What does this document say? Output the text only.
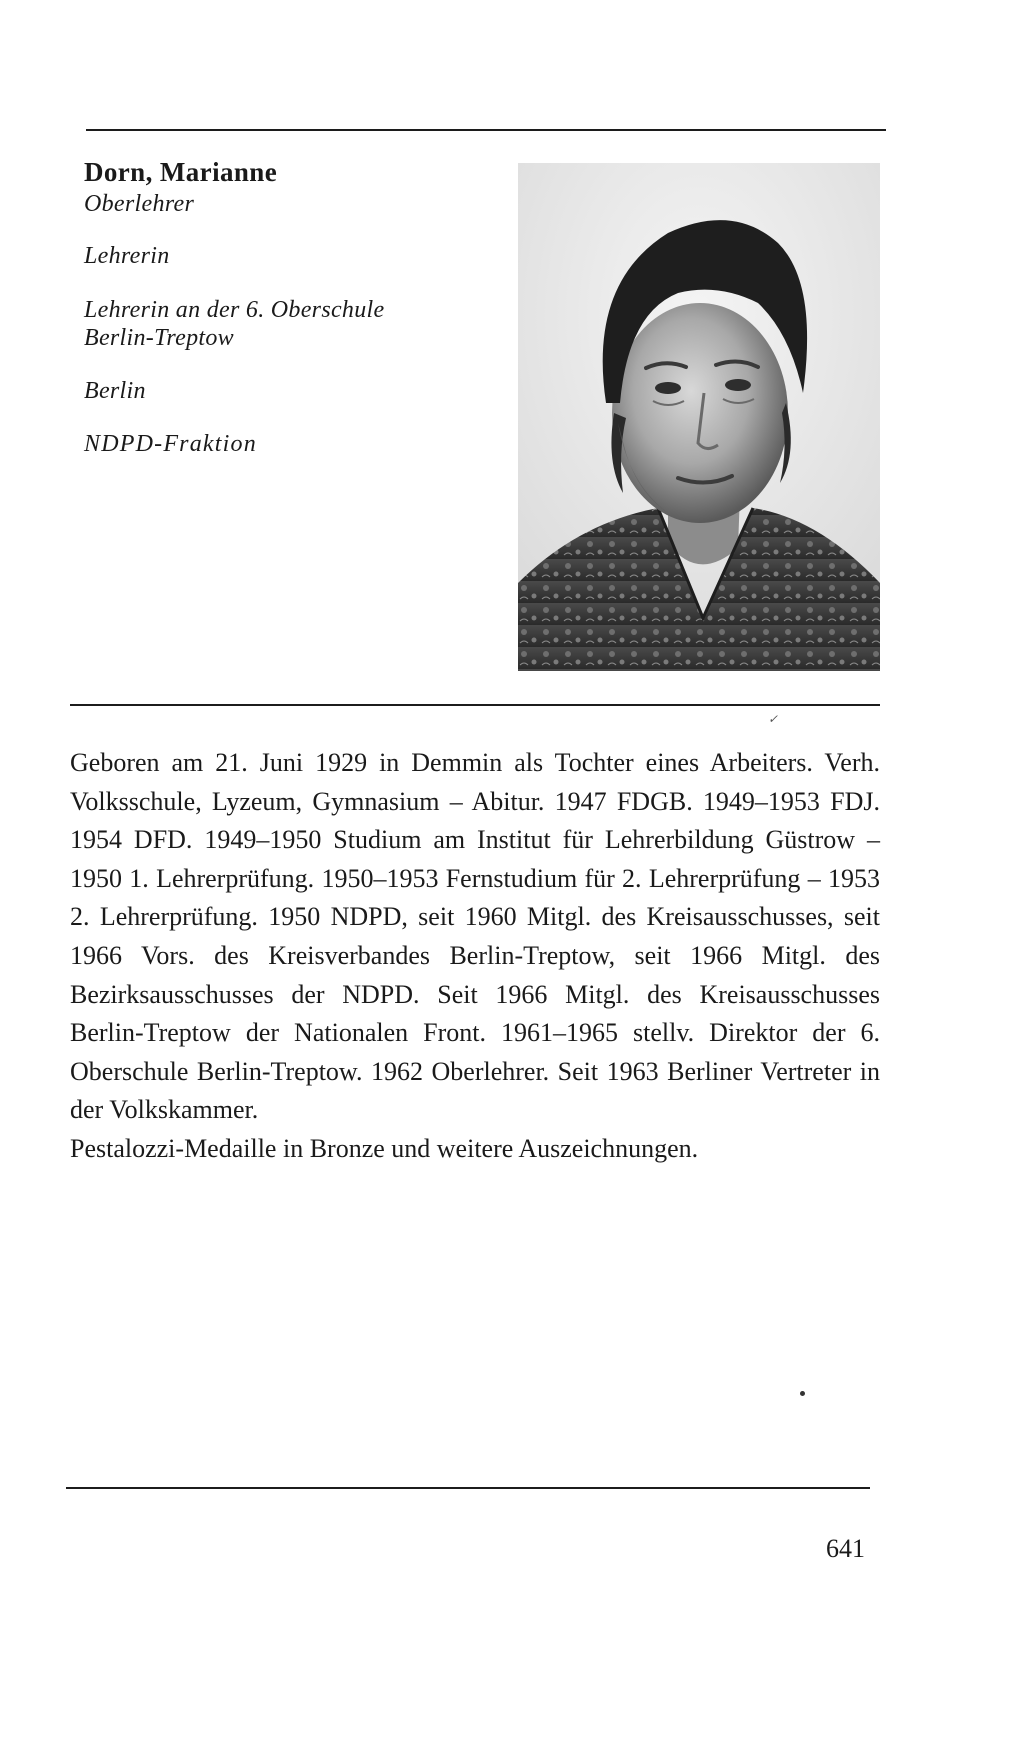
Dorn, Marianne
Oberlehrer
Lehrerin
Lehrerin an der 6. Oberschule
Berlin-Treptow
Berlin
NDPD-Fraktion
✓

Geboren am 21. Juni 1929 in Demmin als Tochter eines Arbeiters. Verh. Volksschule, Lyzeum, Gymnasium – Abitur. 1947 FDGB. 1949–1953 FDJ. 1954 DFD. 1949–1950 Studium am Institut für Lehrerbildung Güstrow – 1950 1. Lehrerprüfung. 1950–1953 Fernstudium für 2. Lehrerprüfung – 1953 2. Lehrerprüfung. 1950 NDPD, seit 1960 Mitgl. des Kreisausschusses, seit 1966 Vors. des Kreisverbandes Berlin-Treptow, seit 1966 Mitgl. des Bezirksausschusses der NDPD. Seit 1966 Mitgl. des Kreisausschusses Berlin-Treptow der Nationalen Front. 1961–1965 stellv. Direktor der 6. Oberschule Berlin-Treptow. 1962 Oberlehrer. Seit 1963 Berliner Vertreter in der Volkskammer.

Pestalozzi-Medaille in Bronze und weitere Auszeichnungen.

641
